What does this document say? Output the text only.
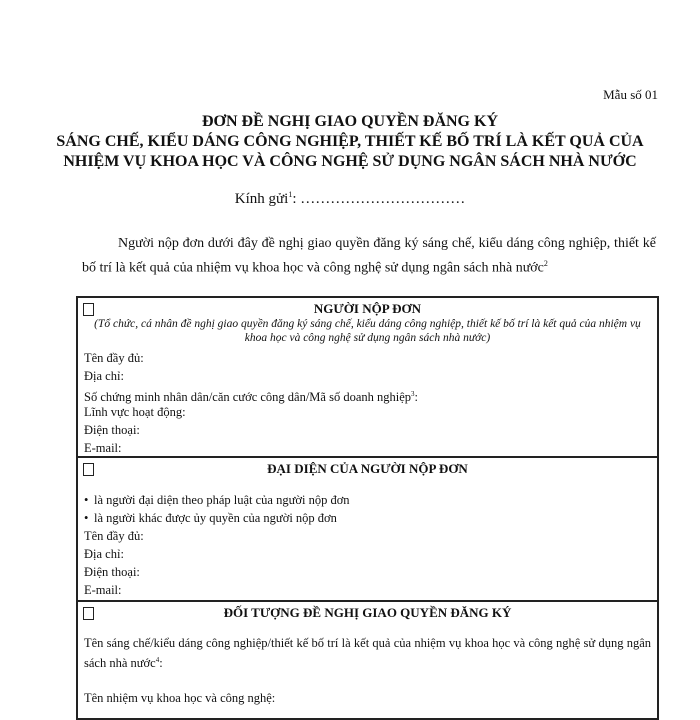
Mẫu số 01
ĐƠN ĐỀ NGHỊ GIAO QUYỀN ĐĂNG KÝ
SÁNG CHẾ, KIỂU DÁNG CÔNG NGHIỆP, THIẾT KẾ BỐ TRÍ LÀ KẾT QUẢ CỦA
NHIỆM VỤ KHOA HỌC VÀ CÔNG NGHỆ SỬ DỤNG NGÂN SÁCH NHÀ NƯỚC
Kính gửi$^1$: ……………………………
Người nộp đơn dưới đây đề nghị giao quyền đăng ký sáng chế, kiểu dáng công nghiệp, thiết kế bố trí là kết quả của nhiệm vụ khoa học và công nghệ sử dụng ngân sách nhà nước$^2$
NGƯỜI NỘP ĐƠN
(Tổ chức, cá nhân đề nghị giao quyền đăng ký sáng chế, kiểu dáng công nghiệp, thiết kế bố trí là kết quả của nhiệm vụ khoa học và công nghệ sử dụng ngân sách nhà nước)
Tên đầy đủ:
Địa chỉ:
Số chứng minh nhân dân/căn cước công dân/Mã số doanh nghiệp$^3$:
Lĩnh vực hoạt động:
Điện thoại:
E-mail:
ĐẠI DIỆN CỦA NGƯỜI NỘP ĐƠN
• là người đại diện theo pháp luật của người nộp đơn
• là người khác được ủy quyền của người nộp đơn
Tên đầy đủ:
Địa chỉ:
Điện thoại:
E-mail:
ĐỐI TƯỢNG ĐỀ NGHỊ GIAO QUYỀN ĐĂNG KÝ
Tên sáng chế/kiểu dáng công nghiệp/thiết kế bố trí là kết quả của nhiệm vụ khoa học và công nghệ sử dụng ngân sách nhà nước$^4$:
Tên nhiệm vụ khoa học và công nghệ:
